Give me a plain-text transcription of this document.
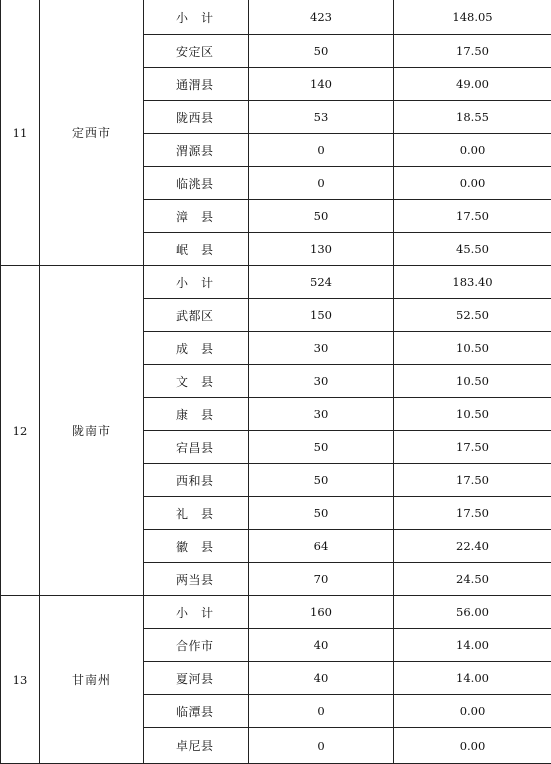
11	定西市	小　计	423	148.05
		安定区	50	17.50
		通渭县	140	49.00
		陇西县	53	18.55
		渭源县	0	0.00
		临洮县	0	0.00
		漳　县	50	17.50
		岷　县	130	45.50
12	陇南市	小　计	524	183.40
		武都区	150	52.50
		成　县	30	10.50
		文　县	30	10.50
		康　县	30	10.50
		宕昌县	50	17.50
		西和县	50	17.50
		礼　县	50	17.50
		徽　县	64	22.40
		两当县	70	24.50
13	甘南州	小　计	160	56.00
		合作市	40	14.00
		夏河县	40	14.00
		临潭县	0	0.00
		卓尼县	0	0.00
